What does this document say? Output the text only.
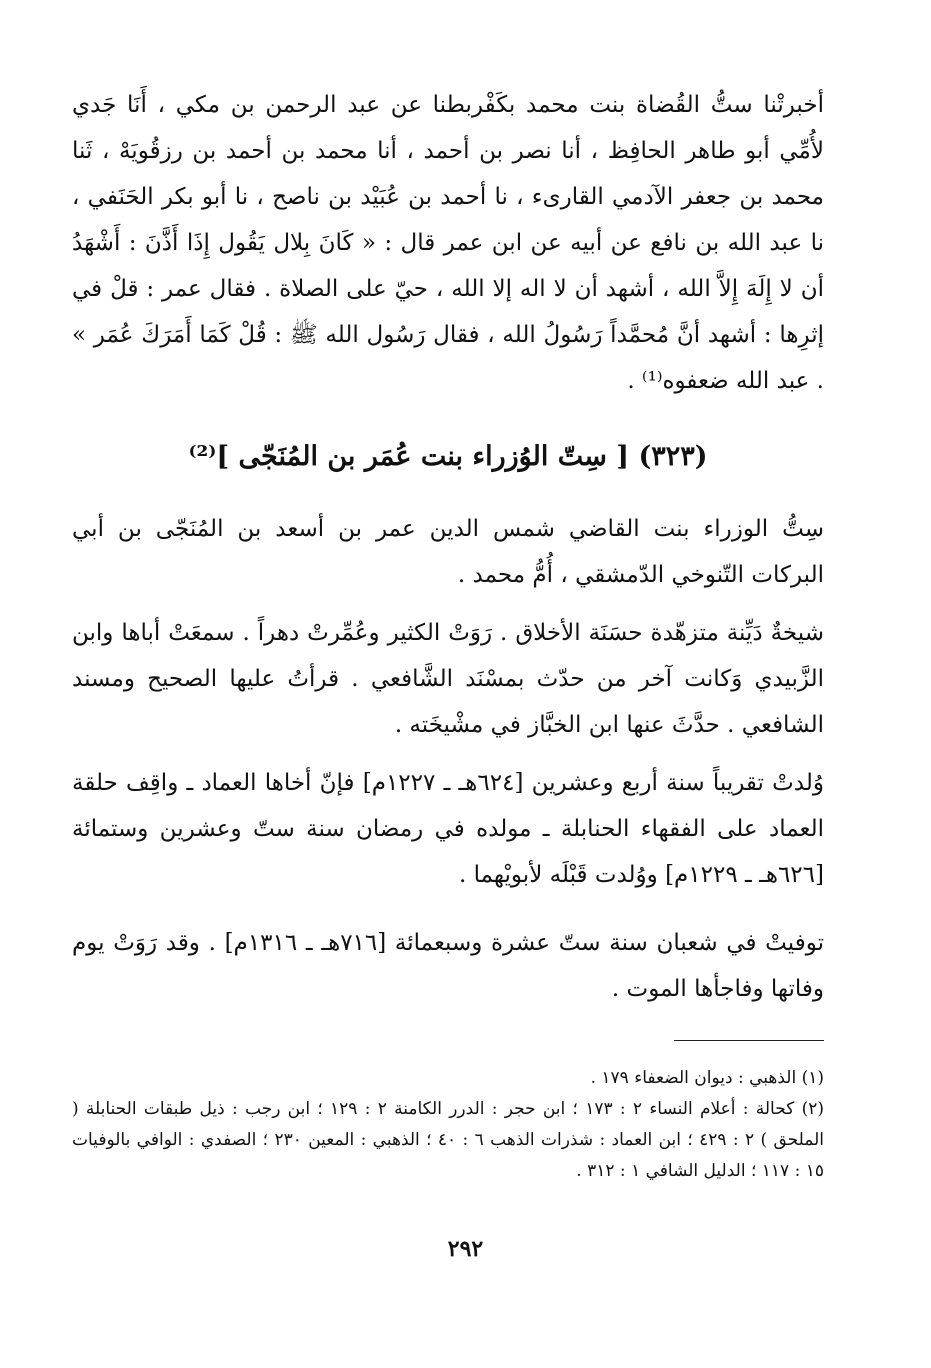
أخبرتْنا ستُّ القُضاة بنت محمد بكَفْربطنا عن عبد الرحمن بن مكي ، أَنَا جَدي لأُمِّي أبو طاهر الحافِظ ، أنا نصر بن أحمد ، أنا محمد بن أحمد بن رزقُويَهْ ، ثَنا محمد بن جعفر الآدمي القارىء ، نا أحمد بن عُبَيْد بن ناصح ، نا أبو بكر الحَنَفي ، نا عبد الله بن نافع عن أبيه عن ابن عمر قال : « كَانَ بِلال يَقُول إِذَا أَذَّنَ : أَشْهَدُ أن لا إِلَهَ إِلاَّ الله ، أشهد أن لا اله إلا الله ، حيّ على الصلاة . فقال عمر : قلْ في إثرِها : أشهد أنَّ مُحمَّداً رَسُولُ الله ، فقال رَسُول الله ﷺ : قُلْ كَمَا أَمَرَكَ عُمَر » . عبد الله ضعفوه⁽¹⁾ .

(٣٢٣) [ سِتّ الوُزراء بنت عُمَر بن المُنَجّى ]⁽²⁾

سِتُّ الوزراء بنت القاضي شمس الدين عمر بن أسعد بن المُنَجّى بن أبي البركات التّنوخي الدّمشقي ، أُمُّ محمد .

شيخةٌ دَيِّنة متزهّدة حسَنَة الأخلاق . رَوَتْ الكثير وعُمِّرتْ دهراً . سمعَتْ أباها وابن الزَّبيدي وَكانت آخر من حدّث بمسْنَد الشَّافعي . قرأتُ عليها الصحيح ومسند الشافعي . حدَّثَ عنها ابن الخبَّاز في مشْيخَته .

وُلدتْ تقريباً سنة أربع وعشرين [٦٢٤هـ ـ ١٢٢٧م] فإنّ أخاها العماد ـ واقِف حلقة العماد على الفقهاء الحنابلة ـ مولده في رمضان سنة ستّ وعشرين وستمائة [٦٢٦هـ ـ ١٢٢٩م] ووُلدت قَبْلَه لأبويْهما .

توفيتْ في شعبان سنة ستّ عشرة وسبعمائة [٧١٦هـ ـ ١٣١٦م] . وقد رَوَتْ يوم وفاتها وفاجأها الموت .

(١) الذهبي : ديوان الضعفاء ١٧٩ .

(٢) كحالة : أعلام النساء ٢ : ١٧٣ ؛ ابن حجر : الدرر الكامنة ٢ : ١٢٩ ؛ ابن رجب : ذيل طبقات الحنابلة ( الملحق ) ٢ : ٤٢٩ ؛ ابن العماد : شذرات الذهب ٦ : ٤٠ ؛ الذهبي : المعين ٢٣٠ ؛ الصفدي : الوافي بالوفيات ١٥ : ١١٧ ؛ الدليل الشافي ١ : ٣١٢ .

٢٩٢
